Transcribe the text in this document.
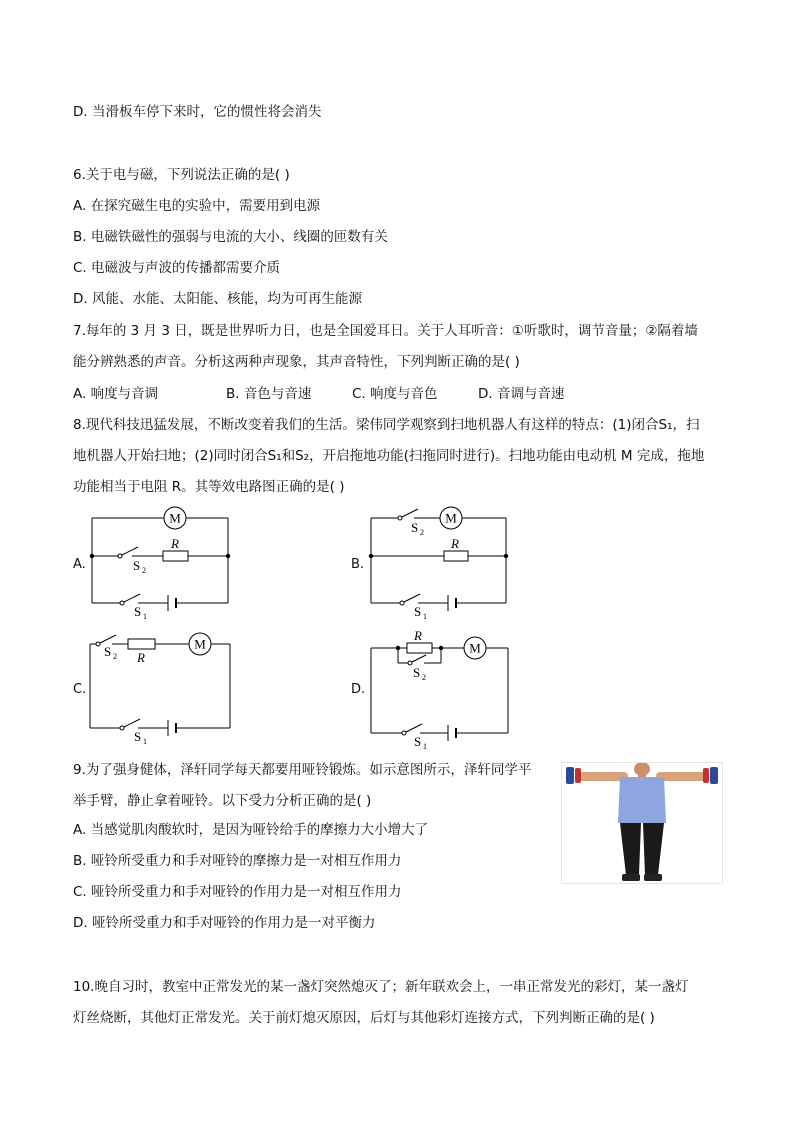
D. 当滑板车停下来时，它的惯性将会消失
6.关于电与磁，下列说法正确的是( )
A. 在探究磁生电的实验中，需要用到电源
B. 电磁铁磁性的强弱与电流的大小、线圈的匝数有关
C. 电磁波与声波的传播都需要介质
D. 风能、水能、太阳能、核能，均为可再生能源
7.每年的 3 月 3 日，既是世界听力日，也是全国爱耳日。关于人耳听音：①听歌时，调节音量；②隔着墙
能分辨熟悉的声音。分析这两种声现象，其声音特性，下列判断正确的是( )
A. 响度与音调	B. 音色与音速	C. 响度与音色	D. 音调与音速
8.现代科技迅猛发展，不断改变着我们的生活。梁伟同学观察到扫地机器人有这样的特点：(1)闭合S₁，扫
地机器人开始扫地；(2)同时闭合S₁和S₂，开启拖地功能(扫拖同时进行)。扫地功能由电动机 M 完成，拖地
功能相当于电阻 R。其等效电路图正确的是( )
A.	B.
C.	D.
M
R
S 2
S 1
S 2
M
R
S 1
S 2 R
M
S 1
R
S 2
M
S 1
9.为了强身健体，泽轩同学每天都要用哑铃锻炼。如示意图所示，泽轩同学平
举手臂，静止拿着哑铃。以下受力分析正确的是( )
A. 当感觉肌肉酸软时，是因为哑铃给手的摩擦力大小增大了
B. 哑铃所受重力和手对哑铃的摩擦力是一对相互作用力
C. 哑铃所受重力和手对哑铃的作用力是一对相互作用力
D. 哑铃所受重力和手对哑铃的作用力是一对平衡力
10.晚自习时，教室中正常发光的某一盏灯突然熄灭了；新年联欢会上，一串正常发光的彩灯，某一盏灯
灯丝烧断，其他灯正常发光。关于前灯熄灭原因，后灯与其他彩灯连接方式，下列判断正确的是( )
